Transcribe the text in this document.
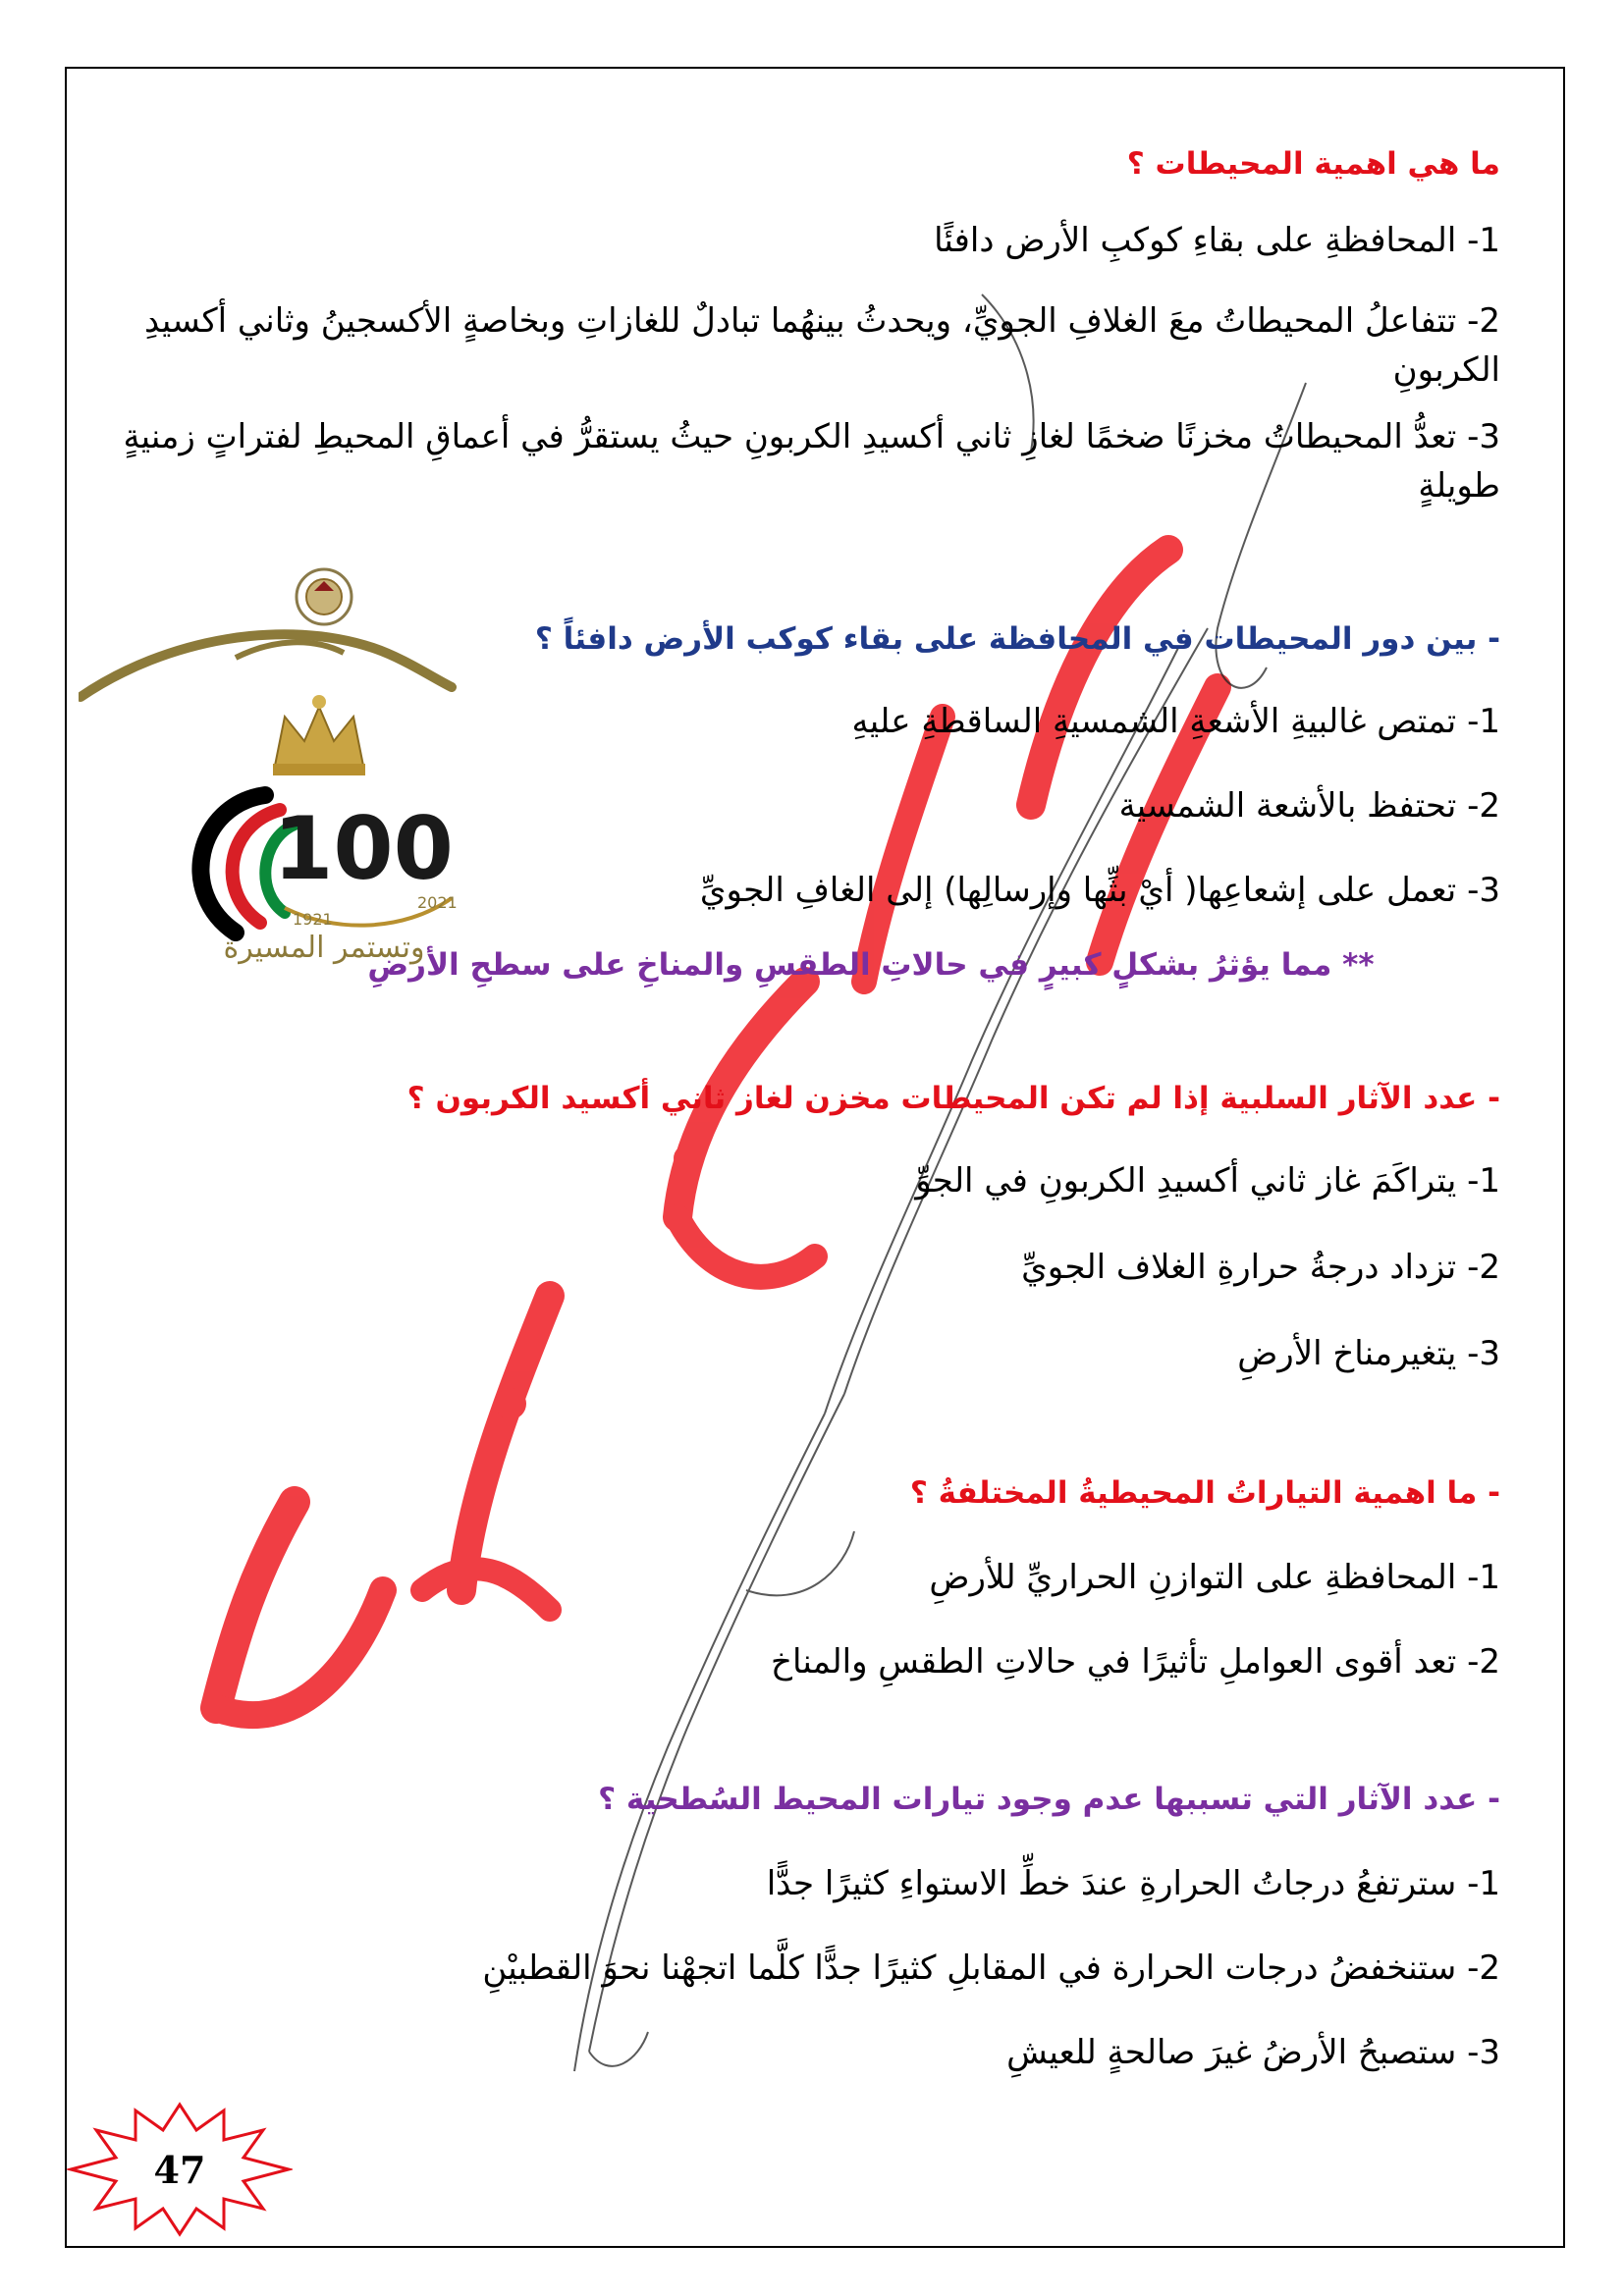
ما هي اهمية المحيطات ؟

1- المحافظةِ على بقاءِ كوكبِ الأرض دافئًا

2- تتفاعلُ المحيطاتُ معَ الغلافِ الجويِّ، ويحدثُ بينهُما تبادلٌ للغازاتِ وبخاصةٍ الأكسجينُ وثاني أكسيدِ الكربونِ

3- تعدُّ المحيطاتُ مخزنًا ضخمًا لغازِ ثاني أكسيدِ الكربونِ حيثُ يستقرُّ في أعماقِ المحيطِ لفتراتٍ زمنيةٍ طويلةٍ

- بين دور المحيطات في المحافظة على بقاء كوكب الأرض دافئاً ؟

1- تمتص غالبيةِ الأشعةِ الشمسيةِ الساقطةِ عليهِ

2- تحتفظ بالأشعة الشمسية

3- تعمل على إشعاعِها( أيْ بثِّها وإرسالِها) إلى الغافِ الجويِّ

** مما يؤثرُ بشكلٍ كبيرٍ في حالاتِ الطقسِ والمناخِ على سطحِ الأرضِ

- عدد الآثار السلبية إذا لم تكن المحيطات مخزن لغاز ثاني أكسيد الكربون ؟

1- يتراكَمَ غاز ثاني أكسيدِ الكربونِ في الجوِّ

2- تزداد درجةُ حرارةِ الغلاف الجويِّ

3- يتغيرمناخ الأرضِ

- ما اهمية التياراتُ المحيطيةُ المختلفةُ ؟

1- المحافظةِ على التوازنِ الحراريِّ للأرضِ

2- تعد أقوى العواملِ تأثيرًا في حالاتِ الطقسِ والمناخ

- عدد الآثار التي تسببها عدم وجود تيارات المحيط السُطحية ؟

1- سترتفعُ درجاتُ الحرارةِ عندَ خطِّ الاستواءِ كثيرًا جدًّا

2- ستنخفضُ درجات الحرارة في المقابلِ كثيرًا جدًّا كلَّما اتجهْنا نحوَ القطبيْنِ

3- ستصبحُ الأرضُ غيرَ صالحةٍ للعيشِ

100
1921
2021
وتستمر المسيرة
47
